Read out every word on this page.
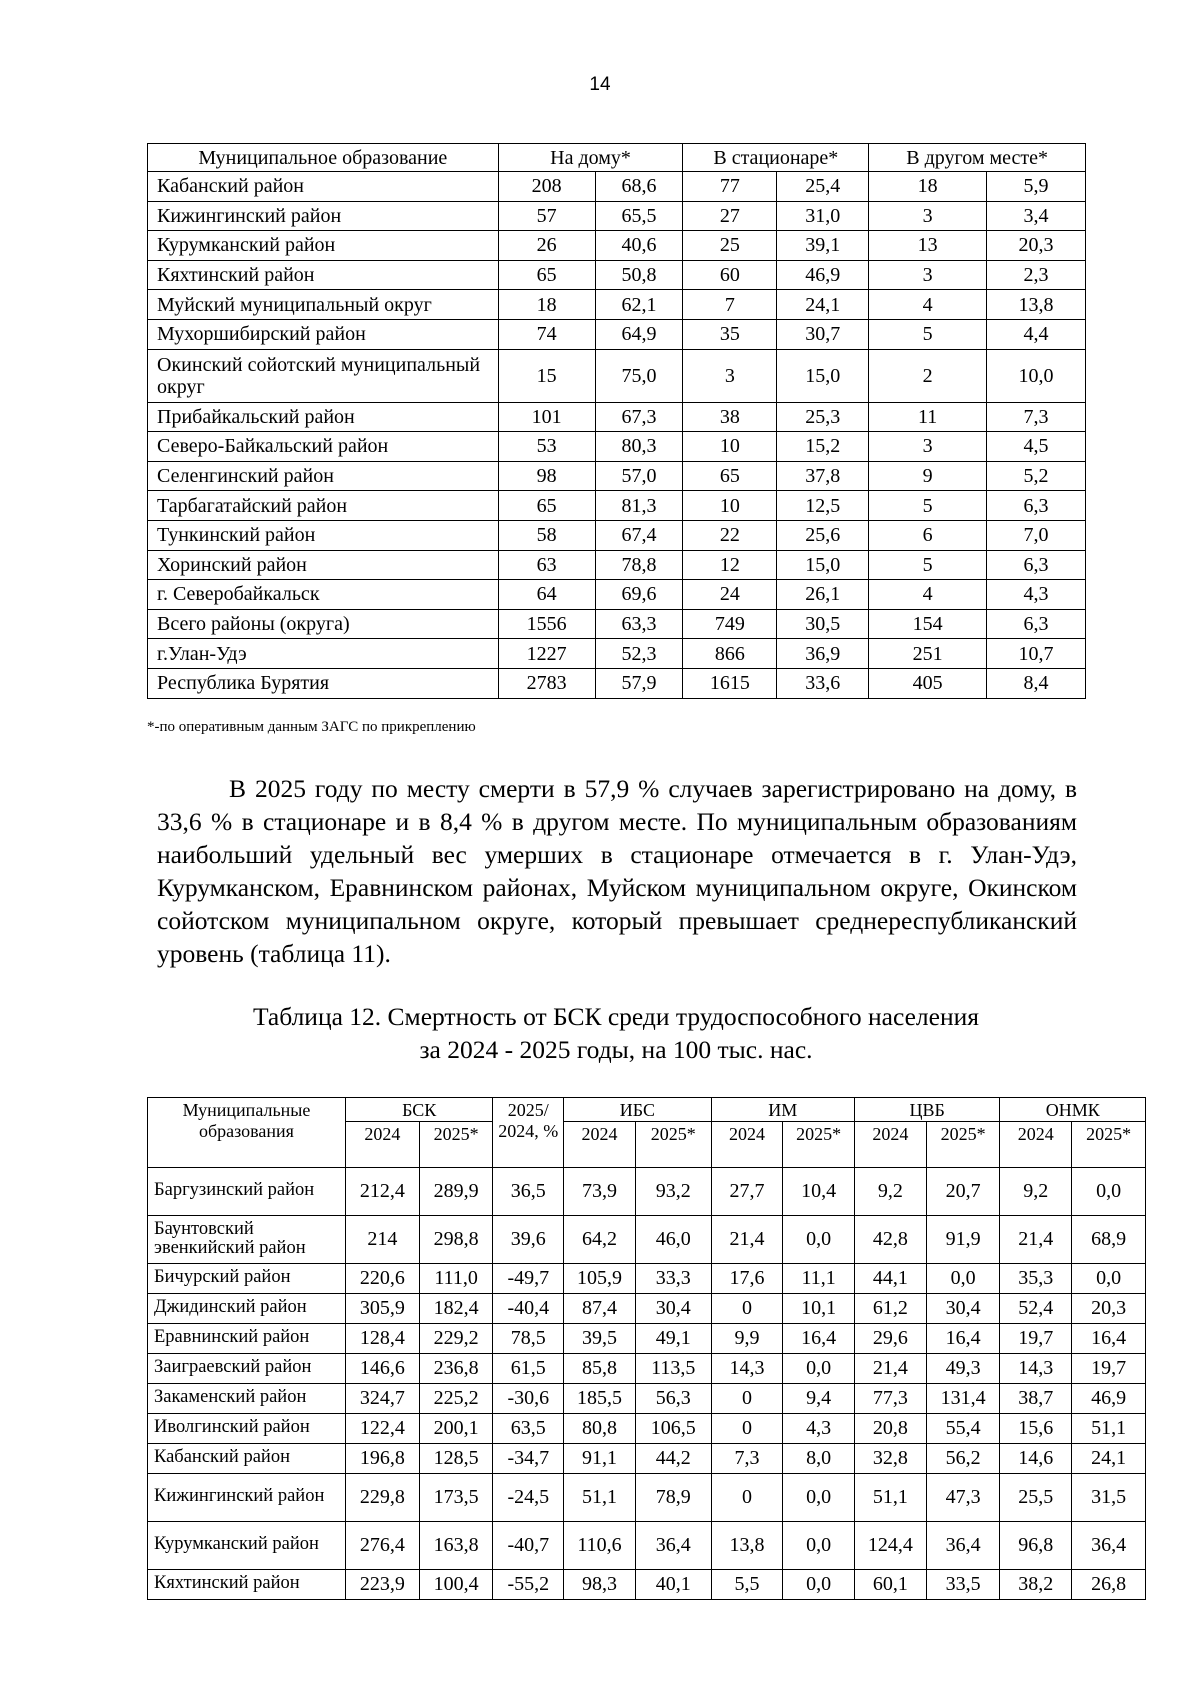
14
Муниципальное образование	На дому*		В стационаре*		В другом месте*	
Кабанский район	208	68,6	77	25,4	18	5,9
Кижингинский район	57	65,5	27	31,0	3	3,4
Курумканский район	26	40,6	25	39,1	13	20,3
Кяхтинский район	65	50,8	60	46,9	3	2,3
Муйский муниципальный округ	18	62,1	7	24,1	4	13,8
Мухоршибирский район	74	64,9	35	30,7	5	4,4
Окинский сойотский муниципальный округ	15	75,0	3	15,0	2	10,0
Прибайкальский район	101	67,3	38	25,3	11	7,3
Северо-Байкальский район	53	80,3	10	15,2	3	4,5
Селенгинский район	98	57,0	65	37,8	9	5,2
Тарбагатайский район	65	81,3	10	12,5	5	6,3
Тункинский район	58	67,4	22	25,6	6	7,0
Хоринский район	63	78,8	12	15,0	5	6,3
г. Северобайкальск	64	69,6	24	26,1	4	4,3
Всего районы (округа)	1556	63,3	749	30,5	154	6,3
г.Улан-Удэ	1227	52,3	866	36,9	251	10,7
Республика Бурятия	2783	57,9	1615	33,6	405	8,4
*-по оперативным данным ЗАГС по прикреплению

В 2025 году по месту смерти в 57,9 % случаев зарегистрировано на дому, в 33,6 % в стационаре и в 8,4 % в другом месте. По муниципальным образованиям наибольший удельный вес умерших в стационаре отмечается в г. Улан-Удэ, Курумканском, Еравнинском районах, Муйском муниципальном округе, Окинском сойотском муниципальном округе, который превышает среднереспубликанский уровень (таблица 11).

Таблица 12. Смертность от БСК среди трудоспособного населения
за 2024 - 2025 годы, на 100 тыс. нас.
Муниципальные образования	БСК		2025/ 2024, %	ИБС		ИМ		ЦВБ		ОНМК	
	2024	2025*		2024	2025*	2024	2025*	2024	2025*	2024	2025*
Баргузинский район	212,4	289,9	36,5	73,9	93,2	27,7	10,4	9,2	20,7	9,2	0,0
Баунтовский эвенкийский район	214	298,8	39,6	64,2	46,0	21,4	0,0	42,8	91,9	21,4	68,9
Бичурский район	220,6	111,0	-49,7	105,9	33,3	17,6	11,1	44,1	0,0	35,3	0,0
Джидинский район	305,9	182,4	-40,4	87,4	30,4	0	10,1	61,2	30,4	52,4	20,3
Еравнинский район	128,4	229,2	78,5	39,5	49,1	9,9	16,4	29,6	16,4	19,7	16,4
Заиграевский район	146,6	236,8	61,5	85,8	113,5	14,3	0,0	21,4	49,3	14,3	19,7
Закаменский район	324,7	225,2	-30,6	185,5	56,3	0	9,4	77,3	131,4	38,7	46,9
Иволгинский район	122,4	200,1	63,5	80,8	106,5	0	4,3	20,8	55,4	15,6	51,1
Кабанский район	196,8	128,5	-34,7	91,1	44,2	7,3	8,0	32,8	56,2	14,6	24,1
Кижингинский район	229,8	173,5	-24,5	51,1	78,9	0	0,0	51,1	47,3	25,5	31,5
Курумканский район	276,4	163,8	-40,7	110,6	36,4	13,8	0,0	124,4	36,4	96,8	36,4
Кяхтинский район	223,9	100,4	-55,2	98,3	40,1	5,5	0,0	60,1	33,5	38,2	26,8
